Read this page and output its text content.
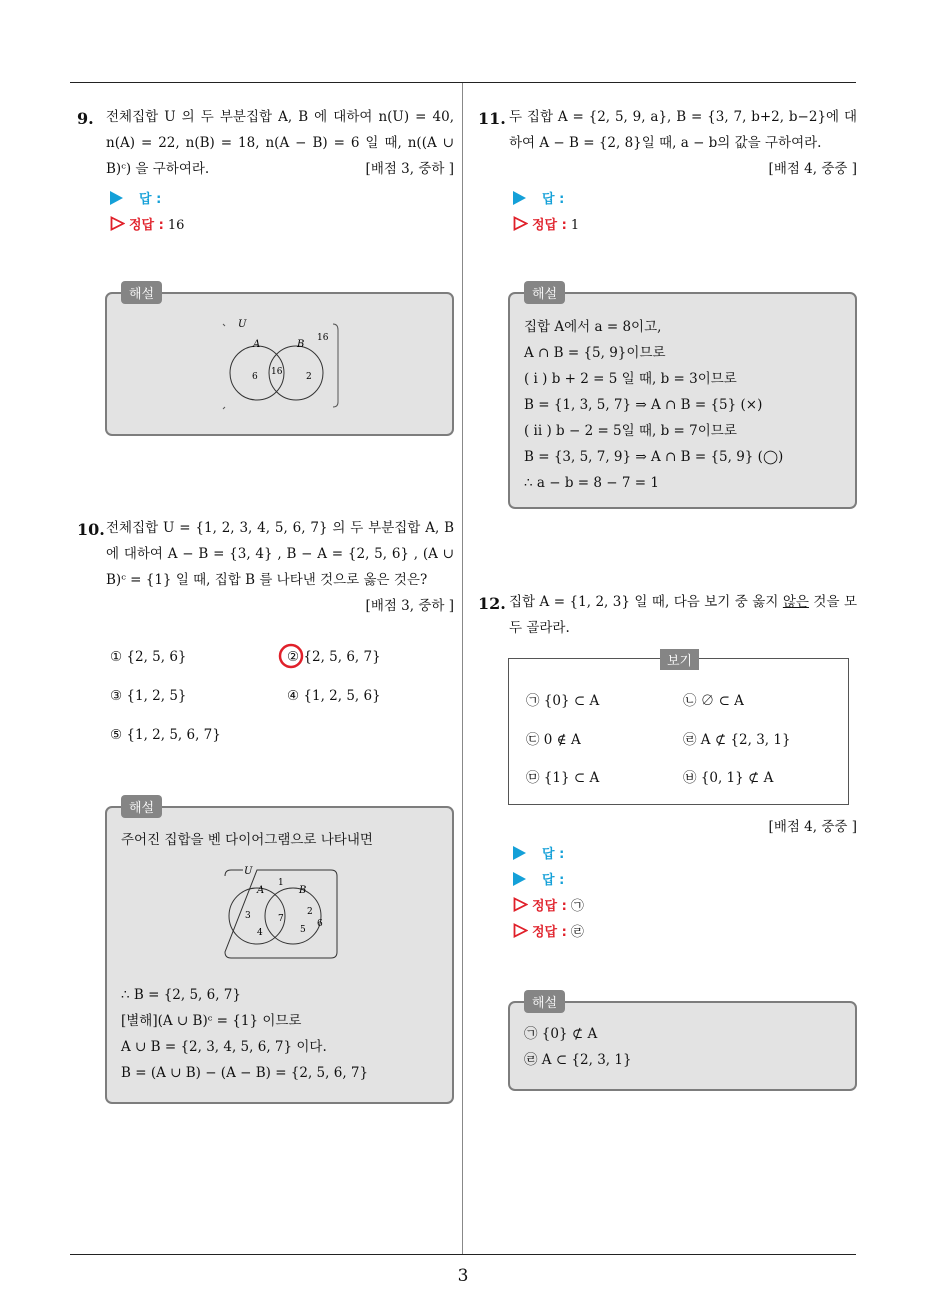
9. 전체집합 U 의 두 부분집합 A, B 에 대하여 n(U) = 40, n(A) = 22, n(B) = 18, n(A − B) = 6 일 때, n((A ∪ B)ᶜ) 을 구하여라.	[배점 3, 중하 ]
답 :
정답 : 16
해설
U
A	B
16
6 16	2
10. 전체집합 U = {1, 2, 3, 4, 5, 6, 7} 의 두 부분집합 A, B 에 대하여 A − B = {3, 4} , B − A = {2, 5, 6} , (A ∪ B)ᶜ = {1} 일 때, 집합 B 를 나타낸 것으로 옳은 것은?
[배점 3, 중하 ]
① {2, 5, 6}	② {2, 5, 6, 7}
③ {1, 2, 5}	④ {1, 2, 5, 6}
⑤ {1, 2, 5, 6, 7}
해설
주어진 집합을 벤 다이어그램으로 나타내면
U
A	B
1
3
4
7
2
5
6
∴ B = {2, 5, 6, 7}
[별해](A ∪ B)ᶜ = {1} 이므로
A ∪ B = {2, 3, 4, 5, 6, 7} 이다.
B = (A ∪ B) − (A − B) = {2, 5, 6, 7}
11. 두 집합 A = {2, 5, 9, a}, B = {3, 7, b+2, b−2}에 대하여 A − B = {2, 8}일 때, a − b의 값을 구하여라.
[배점 4, 중중 ]
답 :
정답 : 1
해설
집합 A에서 a = 8이고,
A ∩ B = {5, 9}이므로
( i ) b + 2 = 5 일 때, b = 3이므로
B = {1, 3, 5, 7} ⇒ A ∩ B = {5} (×)
( ii ) b − 2 = 5일 때, b = 7이므로
B = {3, 5, 7, 9} ⇒ A ∩ B = {5, 9} (◯)
∴ a − b = 8 − 7 = 1
12. 집합 A = {1, 2, 3} 일 때, 다음 보기 중 옳지 않은 것을 모두 골라라.
보기
㉠ {0} ⊂ A	㉡ ∅ ⊂ A
㉢ 0 ∉ A	㉣ A ⊄ {2, 3, 1}
㉤ {1} ⊂ A	㉥ {0, 1} ⊄ A
[배점 4, 중중 ]
답 :
답 :
정답 : ㉠
정답 : ㉣
해설
㉠ {0} ⊄ A
㉣ A ⊂ {2, 3, 1}
3
